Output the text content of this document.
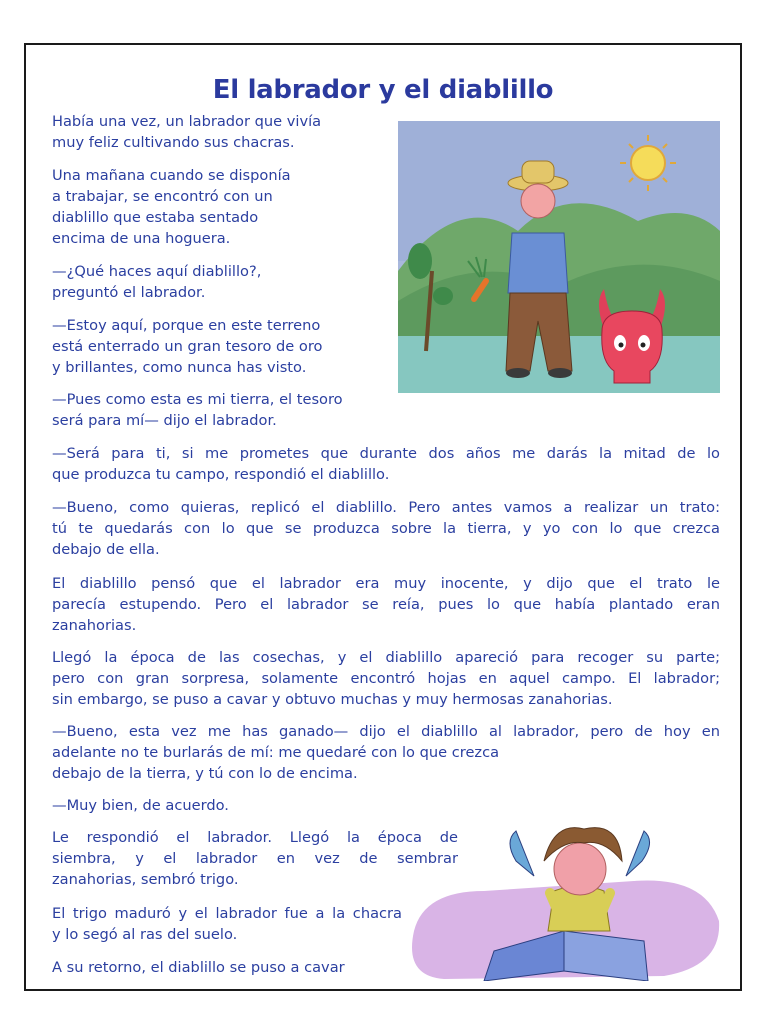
El labrador y el diablillo

Había una vez, un labrador que vivía
muy feliz cultivando sus chacras.

Una mañana cuando se disponía
a trabajar, se encontró con un
diablillo que estaba sentado
encima de una hoguera.

—¿Qué haces aquí diablillo?,
preguntó el labrador.

—Estoy aquí, porque en este terreno
está enterrado un gran tesoro de oro
y brillantes, como nunca has visto.

—Pues como esta es mi tierra, el tesoro
será para mí— dijo el labrador.

—Será para ti, si me prometes que durante dos años me darás la mitad de lo
que produzca tu campo, respondió el diablillo.

—Bueno, como quieras, replicó el diablillo. Pero antes vamos a realizar un trato:
tú te quedarás con lo que se produzca sobre la tierra, y yo con lo que crezca
debajo de ella.

El diablillo pensó que el labrador era muy inocente, y dijo que el trato le
parecía estupendo. Pero el labrador se reía, pues lo que había plantado eran
zanahorias.

Llegó la época de las cosechas, y el diablillo apareció para recoger su parte;
pero con gran sorpresa, solamente encontró hojas en aquel campo. El labrador;
sin embargo, se puso a cavar y obtuvo muchas y muy hermosas zanahorias.

—Bueno, esta vez me has ganado— dijo el diablillo al labrador, pero de hoy en
adelante no te burlarás de mí: me quedaré con lo que crezca
debajo de la tierra, y tú con lo de encima.

—Muy bien, de acuerdo.

Le respondió el labrador. Llegó la época de
siembra, y el labrador en vez de sembrar
zanahorias, sembró trigo.

El trigo maduró y el labrador fue a la chacra
y lo segó al ras del suelo.

A su retorno, el diablillo se puso a cavar
